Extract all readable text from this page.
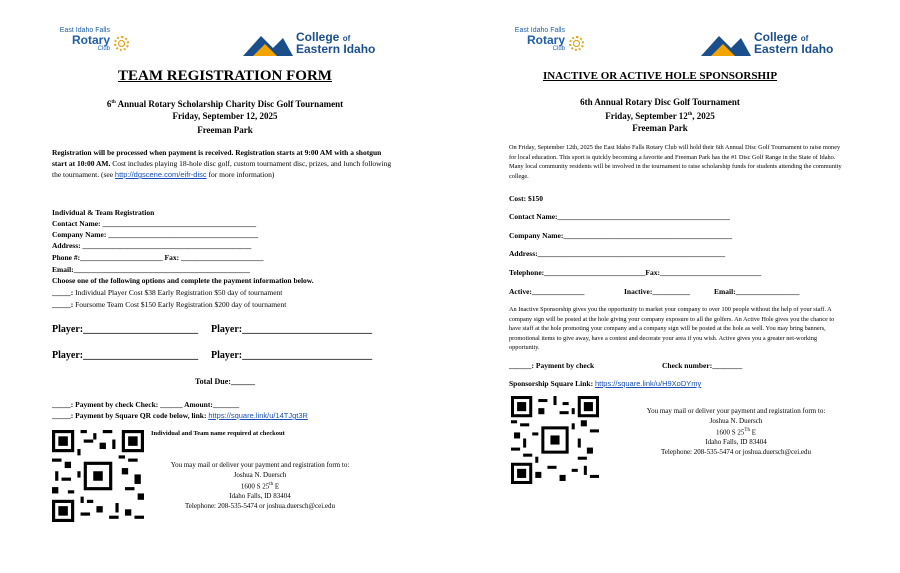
East Idaho Falls
Rotary
Club
College of
Eastern Idaho
TEAM REGISTRATION FORM
6th Annual Rotary Scholarship Charity Disc Golf Tournament
Friday, September 12, 2025
Freeman Park
Registration will be processed when payment is received. Registration starts at 9:00 AM with a shotgun start at 10:00 AM. Cost includes playing 18-hole disc golf, custom tournament disc, prizes, and lunch following the tournament. (see http://dgscene.com/eifr-disc for more information)
Individual & Team Registration
Contact Name: _________________________________________
Company Name: ________________________________________
Address: _____________________________________________
Phone #:______________________ Fax: ______________________
Email:_______________________________________________
Choose one of the following options and complete the payment information below.
_____: Individual Player Cost $38 Early Registration $50 day of tournament
_____: Foursome Team Cost $150 Early Registration $200 day of tournament
Player:_______________________ Player:__________________________
Player:_______________________ Player:__________________________
Total Due:______
_____: Payment by check Check: ______ Amount:_______
_____: Payment by Square QR code below, link: https://square.link/u/14TJgt3R
Individual and Team name required at checkout
You may mail or deliver your payment and registration form to:
Joshua N. Duersch
1600 S 25th E
Idaho Falls, ID 83404
Telephone: 208-535-5474 or joshua.duersch@cei.edu
East Idaho Falls
Rotary
Club
College of
Eastern Idaho
INACTIVE OR ACTIVE HOLE SPONSORSHIP
6th Annual Rotary Disc Golf Tournament
Friday, September 12th, 2025
Freeman Park
On Friday, September 12th, 2025 the East Idaho Falls Rotary Club will hold their 6th Annual Disc Golf Tournament to raise money for local education. This sport is quickly becoming a favorite and Freeman Park has the #1 Disc Golf Range in the State of Idaho. Many local community residents will be involved in the tournament to raise scholarship funds for students attending the community college.
Cost: $150
Contact Name:______________________________________________
Company Name:_____________________________________________
Address:__________________________________________________
Telephone:___________________________Fax:___________________________
Active:______________	Inactive:__________	Email:_________________
An Inactive Sponsorship gives you the opportunity to market your company to over 100 people without the help of your staff. A company sign will be posted at the hole giving your company exposure to all the golfers. An Active Hole gives you the chance to have staff at the hole promoting your company and a company sign will be posted at the hole as well. You may bring banners, promotional items to give away, have a contest and decorate your area if you wish. Active gives you a greater net-working opportunity.
______: Payment by check	Check number:________
Sponsorship Square Link: https://square.link/u/H9XoDYmy
You may mail or deliver your payment and registration form to:
Joshua N. Duersch
1600 S 25Th E
Idaho Falls, ID 83404
Telephone: 208-535-5474 or joshua.duersch@cei.edu
